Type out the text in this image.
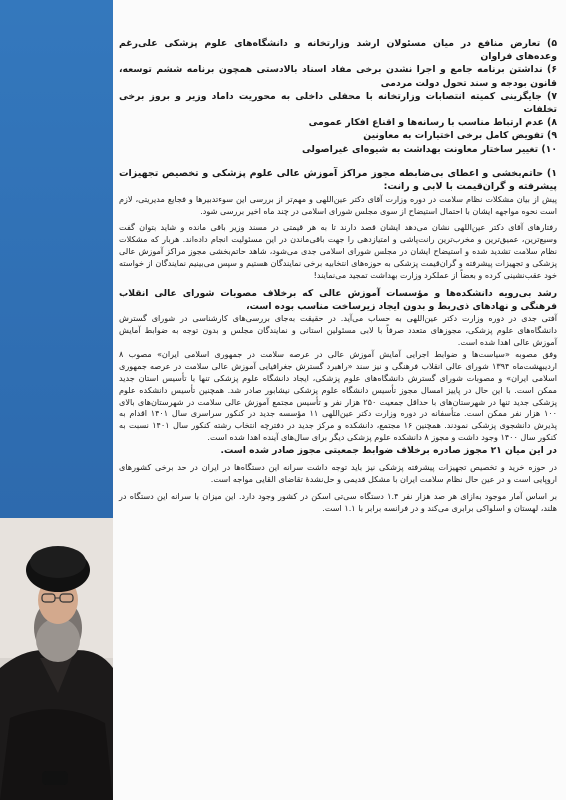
۵) تعارض منافع در میان مسئولان ارشد وزارتخانه و دانشگاه‌های علوم پزشکی علی‌رغم وعده‌های فراوان

۶) نداشتن برنامه جامع و اجرا نشدن برخی مفاد اسناد بالادستی همچون برنامه ششم توسعه، قانون بودجه و سند تحول دولت مردمی

۷) جایگزینی کمیته انتصابات وزارتخانه با محفلی داخلی به محوریت داماد وزیر و بروز برخی تخلفات

۸) عدم ارتباط مناسب با رسانه‌ها و اقناع افکار عمومی

۹) تفویض کامل برخی اختیارات به معاونین

۱۰) تغییر ساختار معاونت بهداشت به شیوه‌ای غیراصولی

۱) حاتم‌بخشی و اعطای بی‌ضابطه مجوز مراکز آموزش عالی علوم پزشکی و تخصیص تجهیزات پیشرفته و گران‌قیمت با لابی و رانت:

پیش از بیان مشکلات نظام سلامت در دوره وزارت آقای دکتر عین‌اللهی و مهم‌تر از بررسی این سوءتدبیرها و فجایع مدیریتی، لازم است نحوه مواجهه ایشان با احتمال استیضاح از سوی مجلس شورای اسلامی در چند ماه اخیر بررسی شود.

رفتارهای آقای دکتر عین‌اللهی نشان می‌دهد ایشان قصد دارند تا به هر قیمتی در مسند وزیر باقی مانده و شاید بتوان گفت وسیع‌ترین، عمیق‌ترین و مخرب‌ترین رانت‌پاشی و امتیازدهی را جهت باقی‌ماندن در این مسئولیت انجام داده‌اند. هربار که مشکلات نظام سلامت تشدید شده و استیضاح ایشان در مجلس شورای اسلامی جدی می‌شود، شاهد حاتم‌بخشی مجوز مراکز آموزش عالی پزشکی و تجهیزات پیشرفته و گران‌قیمت پزشکی به حوزه‌های انتخابیه برخی نمایندگان هستیم و سپس می‌بینیم نمایندگان از خواسته خود عقب‌نشینی کرده و بعضاً از عملکرد وزارت بهداشت تمجید می‌نمایند!

رشد بی‌رویه دانشکده‌ها و مؤسسات آموزش عالی که برخلاف مصوبات شورای عالی انقلاب فرهنگی و نهادهای ذی‌ربط و بدون ایجاد زیرساخت مناسب بوده است،

آفتی جدی در دوره وزارت دکتر عین‌اللهی به حساب می‌آید. در حقیقت به‌جای بررسی‌های کارشناسی در شورای گسترش دانشگاه‌های علوم پزشکی، مجوزهای متعدد صرفاً با لابی مسئولین استانی و نمایندگان مجلس و بدون توجه به ضوابط آمایش آموزش عالی اهدا شده است.

وفق مصوبه «سیاست‌ها و ضوابط اجرایی آمایش آموزش عالی در عرصه سلامت در جمهوری اسلامی ایران» مصوب ۸ اردیبهشت‌ماه ۱۳۹۴ شورای عالی انقلاب فرهنگی و نیز سند «راهبرد گسترش جغرافیایی آموزش عالی سلامت در عرصه جمهوری اسلامی ایران» و مصوبات شورای گسترش دانشگاه‌های علوم پزشکی، ایجاد دانشگاه علوم پزشکی تنها با تأسیس استان جدید ممکن است. با این حال در پاییز امسال مجوز تأسیس دانشگاه علوم پزشکی نیشابور صادر شد. همچنین تأسیس دانشکده علوم پزشکی جدید تنها در شهرستان‌های با حداقل جمعیت ۲۵۰ هزار نفر و تأسیس مجتمع آموزش عالی سلامت در شهرستان‌های بالای ۱۰۰ هزار نفر ممکن است. متأسفانه در دوره وزارت دکتر عین‌اللهی ۱۱ مؤسسه جدید در کنکور سراسری سال ۱۴۰۱ اقدام به پذیرش دانشجوی پزشکی نمودند. همچنین ۱۶ مجتمع، دانشکده و مرکز جدید در دفترچه انتخاب رشته کنکور سال ۱۴۰۱ نسبت به کنکور سال ۱۴۰۰ وجود داشت و مجوز ۸ دانشکده علوم پزشکی دیگر برای سال‌های آینده اهدا شده است.

در این میان ۲۱ مجوز صادره برخلاف ضوابط جمعیتی مجوز صادر شده است.

در حوزه خرید و تخصیص تجهیزات پیشرفته پزشکی نیز باید توجه داشت سرانه این دستگاه‌ها در ایران در حد برخی کشورهای اروپایی است و در عین حال نظام سلامت ایران با مشکل قدیمی و حل‌نشدهٔ تقاضای القایی مواجه است.

بر اساس آمار موجود به‌ازای هر صد هزار نفر ۱.۴ دستگاه سی‌تی اسکن در کشور وجود دارد. این میزان با سرانه این دستگاه در هلند، لهستان و اسلواکی برابری می‌کند و در فرانسه برابر با ۱.۱ است.
